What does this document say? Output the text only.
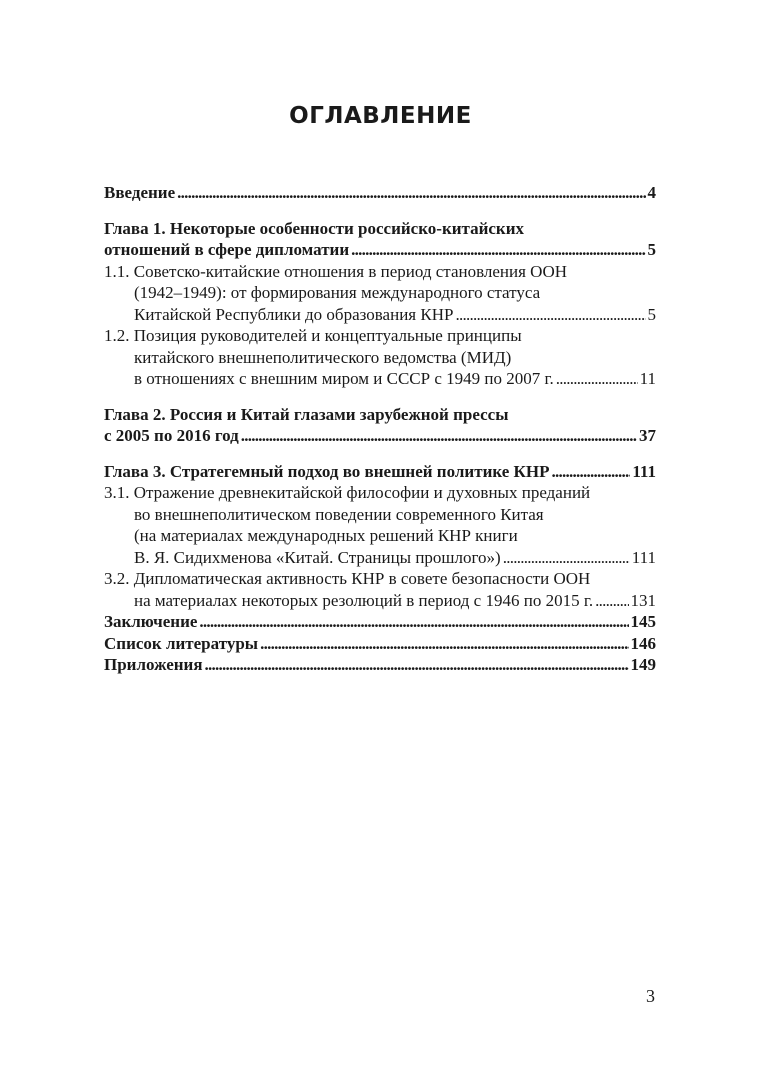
ОГЛАВЛЕНИЕ
Введение . . .	4
Глава 1. Некоторые особенности российско-китайских
отношений в сфере дипломатии . . .	5
1.1. Советско-китайские отношения в период становления ООН
(1942–1949): от формирования международного статуса
Китайской Республики до образования КНР . . .	5
1.2. Позиция руководителей и концептуальные принципы
китайского внешнеполитического ведомства (МИД)
в отношениях с внешним миром и СССР с 1949 по 2007 г. . . .	11
Глава 2. Россия и Китай глазами зарубежной прессы
с 2005 по 2016 год . . .	37
Глава 3. Стратегемный подход во внешней политике КНР . . .	111
3.1. Отражение древнекитайской философии и духовных преданий
во внешнеполитическом поведении современного Китая
(на материалах международных решений КНР книги
В. Я. Сидихменова «Китай. Страницы прошлого») . . .	111
3.2. Дипломатическая активность КНР в совете безопасности ООН
на материалах некоторых резолюций в период с 1946 по 2015 г. . . . 131
Заключение . . .	145
Список литературы . . .	146
Приложения . . .	149
3
